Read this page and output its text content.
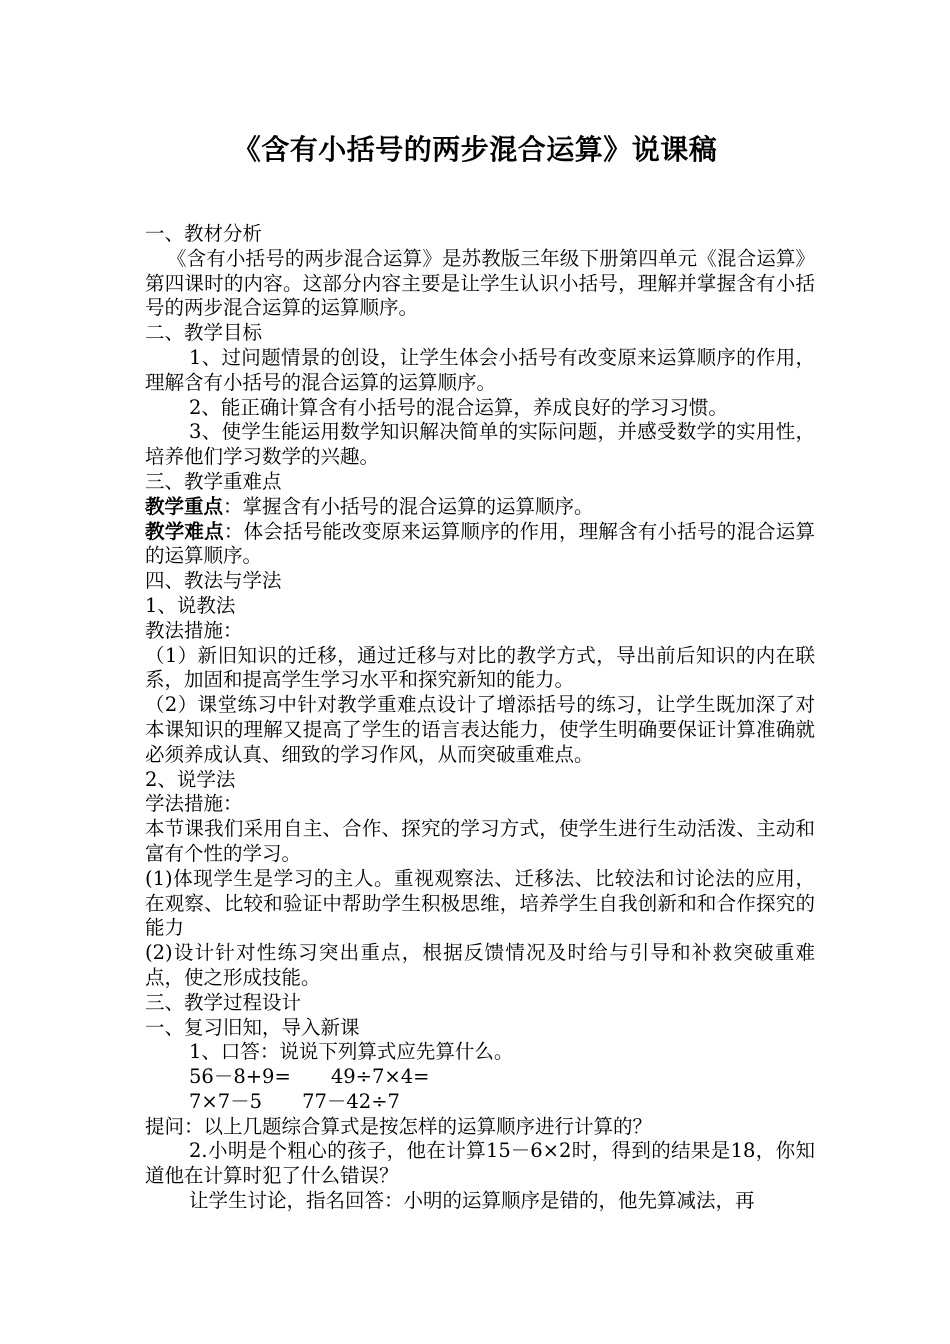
《含有小括号的两步混合运算》说课稿

一、教材分析

《含有小括号的两步混合运算》是苏教版三年级下册第四单元《混合运算》第四课时的内容。这部分内容主要是让学生认识小括号，理解并掌握含有小括号的两步混合运算的运算顺序。

二、教学目标

1、过问题情景的创设，让学生体会小括号有改变原来运算顺序的作用，理解含有小括号的混合运算的运算顺序。

2、能正确计算含有小括号的混合运算，养成良好的学习习惯。

3、使学生能运用数学知识解决简单的实际问题，并感受数学的实用性，培养他们学习数学的兴趣。

三、教学重难点

教学重点：掌握含有小括号的混合运算的运算顺序。

教学难点：体会括号能改变原来运算顺序的作用，理解含有小括号的混合运算的运算顺序。

四、教法与学法

1、说教法

教法措施：

（1）新旧知识的迁移，通过迁移与对比的教学方式，导出前后知识的内在联系，加固和提高学生学习水平和探究新知的能力。

（2）课堂练习中针对教学重难点设计了增添括号的练习，让学生既加深了对本课知识的理解又提高了学生的语言表达能力，使学生明确要保证计算准确就必须养成认真、细致的学习作风，从而突破重难点。

2、说学法

学法措施：

本节课我们采用自主、合作、探究的学习方式，使学生进行生动活泼、主动和富有个性的学习。

(1)体现学生是学习的主人。重视观察法、迁移法、比较法和讨论法的应用，在观察、比较和验证中帮助学生积极思维，培养学生自我创新和和合作探究的能力

(2)设计针对性练习突出重点，根据反馈情况及时给与引导和补救突破重难点，使之形成技能。

三、教学过程设计

一、复习旧知，导入新课

1、口答：说说下列算式应先算什么。

56－8+9= 49÷7×4=

7×7－5 77－42÷7

提问：以上几题综合算式是按怎样的运算顺序进行计算的？

2.小明是个粗心的孩子，他在计算15－6×2时，得到的结果是18，你知道他在计算时犯了什么错误？

让学生讨论，指名回答：小明的运算顺序是错的，他先算减法，再
